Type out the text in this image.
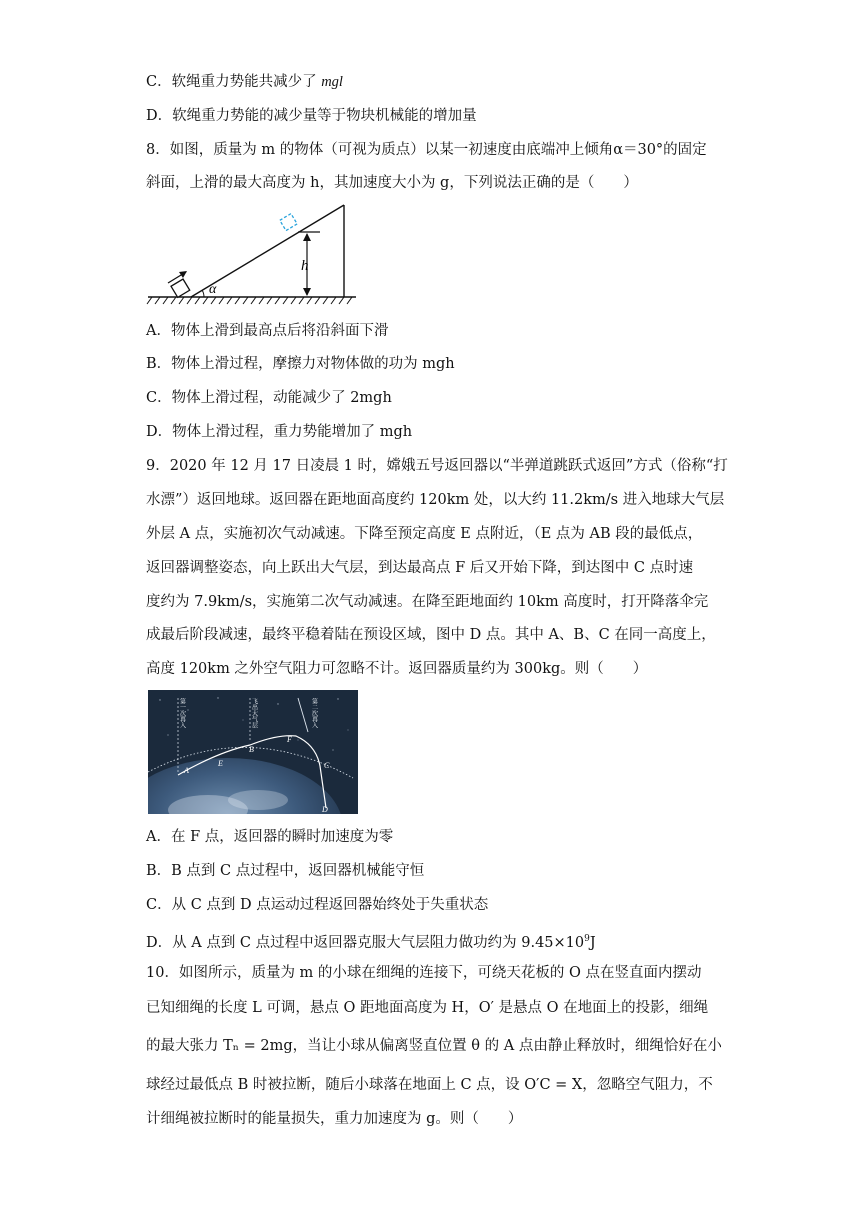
C．软绳重力势能共减少了 mgl
D．软绳重力势能的减少量等于物块机械能的增加量
8．如图，质量为 m 的物体（可视为质点）以某一初速度由底端冲上倾角α＝30°的固定
斜面，上滑的最大高度为 h，其加速度大小为 g，下列说法正确的是（　　）
h
α
A．物体上滑到最高点后将沿斜面下滑
B．物体上滑过程，摩擦力对物体做的功为 mgh
C．物体上滑过程，动能减少了 2mgh
D．物体上滑过程，重力势能增加了 mgh
9．2020 年 12 月 17 日凌晨 1 时，嫦娥五号返回器以“半弹道跳跃式返回”方式（俗称“打
水漂”）返回地球。返回器在距地面高度约 120km 处，以大约 11.2km/s 进入地球大气层
外层 A 点，实施初次气动减速。下降至预定高度 E 点附近，（E 点为 AB 段的最低点，
返回器调整姿态，向上跃出大气层，到达最高点 F 后又开始下降，到达图中 C 点时速
度约为 7.9km/s，实施第二次气动减速。在降至距地面约 10km 高度时，打开降落伞完
成最后阶段减速，最终平稳着陆在预设区域，图中 D 点。其中 A、B、C 在同一高度上，
高度 120km 之外空气阻力可忽略不计。返回器质量约为 300kg。则（　　）
第一次再入	飞出大气层	第二次再入
A
E
B
F
C
D
A．在 F 点，返回器的瞬时加速度为零
B．B 点到 C 点过程中，返回器机械能守恒
C．从 C 点到 D 点运动过程返回器始终处于失重状态
D．从 A 点到 C 点过程中返回器克服大气层阻力做功约为 $9.45\times 10^9J$
10．如图所示，质量为 m 的小球在细绳的连接下，可绕天花板的 O 点在竖直面内摆动
已知细绳的长度 L 可调，悬点 O 距地面高度为 H，O′ 是悬点 O 在地面上的投影，细绳
的最大张力 Tₙ = 2mg，当让小球从偏离竖直位置 θ 的 A 点由静止释放时，细绳恰好在小
球经过最低点 B 时被拉断，随后小球落在地面上 C 点，设 O′C = X，忽略空气阻力，不
计细绳被拉断时的能量损失，重力加速度为 g。则（　　）
